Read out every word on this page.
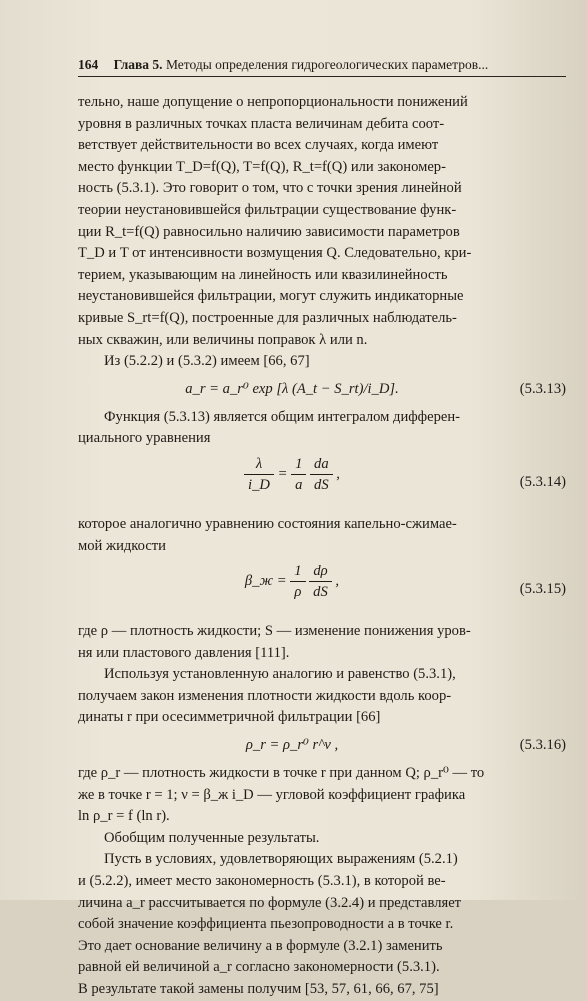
164 Глава 5. Методы определения гидрогеологических параметров...
тельно, наше допущение о непропорциональности понижений
уровня в различных точках пласта величинам дебита соот-
ветствует действительности во всех случаях, когда имеют
место функции T_D=f(Q), T=f(Q), R_t=f(Q) или закономер-
ность (5.3.1). Это говорит о том, что с точки зрения линейной
теории неустановившейся фильтрации существование функ-
ции R_t=f(Q) равносильно наличию зависимости параметров
T_D и T от интенсивности возмущения Q. Следовательно, кри-
терием, указывающим на линейность или квазилинейность
неустановившейся фильтрации, могут служить индикаторные
кривые S_rt=f(Q), построенные для различных наблюдатель-
ных скважин, или величины поправок λ или n.
Из (5.2.2) и (5.3.2) имеем [66, 67]
a_r = a_r⁰ exp [λ (A_t − S_rt)/i_D].	(5.3.13)
Функция (5.3.13) является общим интегралом дифферен-
циального уравнения
$\frac{\lambda}{i\_D} = \frac{1}{a}$
$\frac{da}{dS}$ ,
(5.3.14)
которое аналогично уравнению состояния капельно-сжимае-
мой жидкости
β_ж = $\frac{1}{\rho}$
$\frac{d\rho}{dS}$ ,
(5.3.15)
где ρ — плотность жидкости; S — изменение понижения уров-
ня или пластового давления [111].
Используя установленную аналогию и равенство (5.3.1),
получаем закон изменения плотности жидкости вдоль коор-
динаты r при осесимметричной фильтрации [66]
ρ_r = ρ_r⁰ r^ν ,	(5.3.16)
где ρ_r — плотность жидкости в точке r при данном Q; ρ_r⁰ — то
же в точке r = 1; ν = β_ж i_D — угловой коэффициент графика
ln ρ_r = f (ln r).
Обобщим полученные результаты.
Пусть в условиях, удовлетворяющих выражениям (5.2.1)
и (5.2.2), имеет место закономерность (5.3.1), в которой ве-
личина a_r рассчитывается по формуле (3.2.4) и представляет
собой значение коэффициента пьезопроводности a в точке r.
Это дает основание величину a в формуле (3.2.1) заменить
равной ей величиной a_r согласно закономерности (5.3.1).
В результате такой замены получим [53, 57, 61, 66, 67, 75]
